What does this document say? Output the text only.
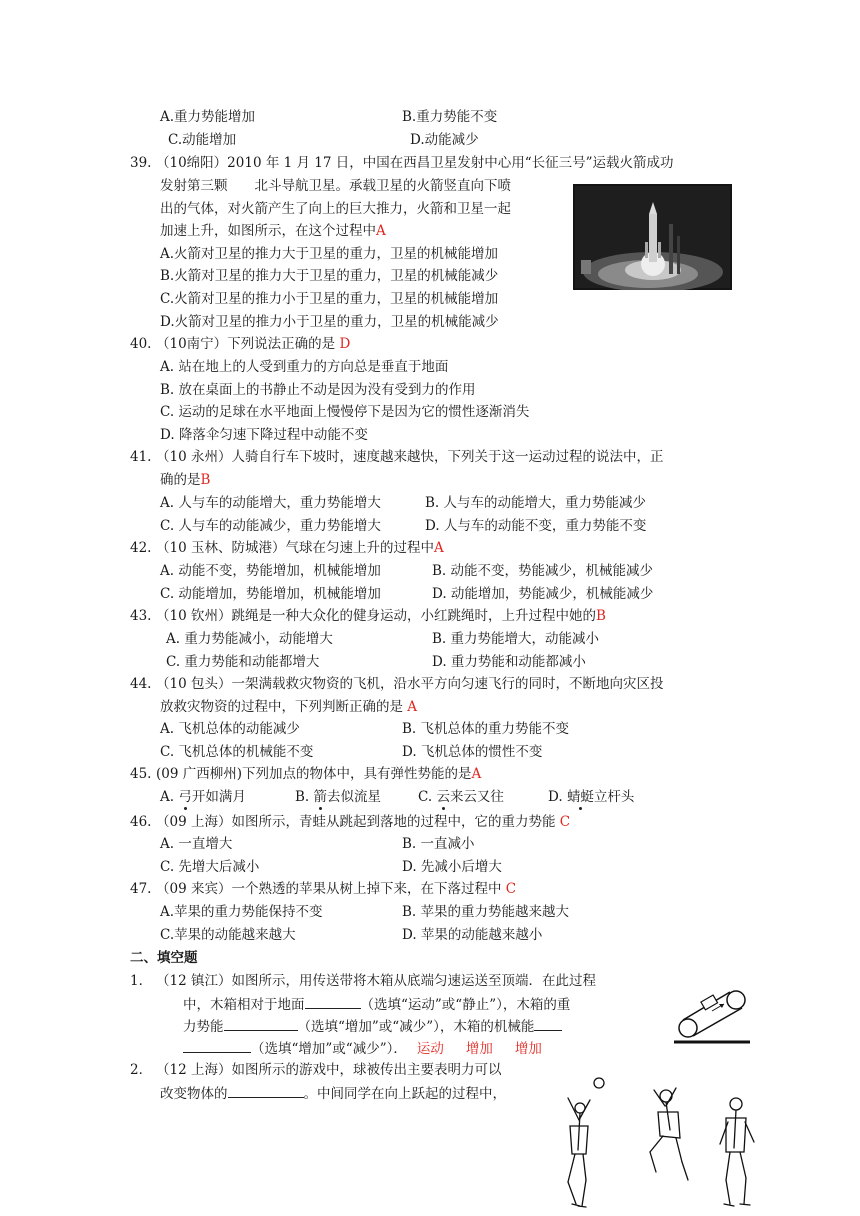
A.重力势能增加	B.重力势能不变
C.动能增加	D.动能减少
39. （10绵阳）2010 年 1 月 17 日，中国在西昌卫星发射中心用“长征三号”运载火箭成功
发射第三颗　　北斗导航卫星。承载卫星的火箭竖直向下喷
出的气体，对火箭产生了向上的巨大推力，火箭和卫星一起
加速上升，如图所示，在这个过程中A
A.火箭对卫星的推力大于卫星的重力，卫星的机械能增加
B.火箭对卫星的推力大于卫星的重力，卫星的机械能减少
C.火箭对卫星的推力小于卫星的重力，卫星的机械能增加
D.火箭对卫星的推力小于卫星的重力，卫星的机械能减少
40. （10南宁）下列说法正确的是 D
A. 站在地上的人受到重力的方向总是垂直于地面
B. 放在桌面上的书静止不动是因为没有受到力的作用
C. 运动的足球在水平地面上慢慢停下是因为它的惯性逐渐消失
D. 降落伞匀速下降过程中动能不变
41. （10 永州）人骑自行车下坡时，速度越来越快，下列关于这一运动过程的说法中，正
确的是B
A. 人与车的动能增大，重力势能增大	B. 人与车的动能增大，重力势能减少
C. 人与车的动能减少，重力势能增大	D. 人与车的动能不变，重力势能不变
42. （10 玉林、防城港）气球在匀速上升的过程中A
A. 动能不变，势能增加，机械能增加	B. 动能不变，势能减少，机械能减少
C. 动能增加，势能增加，机械能增加	D. 动能增加，势能减少，机械能减少
43. （10 钦州）跳绳是一种大众化的健身运动，小红跳绳时，上升过程中她的B
A. 重力势能减小，动能增大	B. 重力势能增大，动能减小
C. 重力势能和动能都增大	D. 重力势能和动能都减小
44. （10 包头）一架满载救灾物资的飞机，沿水平方向匀速飞行的同时，不断地向灾区投
放救灾物资的过程中，下列判断正确的是 A
A. 飞机总体的动能减少	B. 飞机总体的重力势能不变
C. 飞机总体的机械能不变	D. 飞机总体的惯性不变
45. (09 广西柳州)下列加点的物体中，具有弹性势能的是A
A. 弓开如满月	B. 箭去似流星	C. 云来云又往	D. 蜻蜓立杆头
46. （09 上海）如图所示，青蛙从跳起到落地的过程中，它的重力势能 C
A. 一直增大	B. 一直减小
C. 先增大后减小	D. 先减小后增大
47. （09 来宾）一个熟透的苹果从树上掉下来，在下落过程中 C
A.苹果的重力势能保持不变	B. 苹果的重力势能越来越大
C.苹果的动能越来越大	D. 苹果的动能越来越小
二、填空题
1． （12 镇江）如图所示，用传送带将木箱从底端匀速运送至顶端．在此过程
中，木箱相对于地面	（选填“运动”或“静止”），木箱的重
力势能	（选填“增加”或“减少”），木箱的机械能
（选填“增加”或“减少”）． 运动 增加 增加
2． （12 上海）如图所示的游戏中，球被传出主要表明力可以
改变物体的	。中间同学在向上跃起的过程中，
